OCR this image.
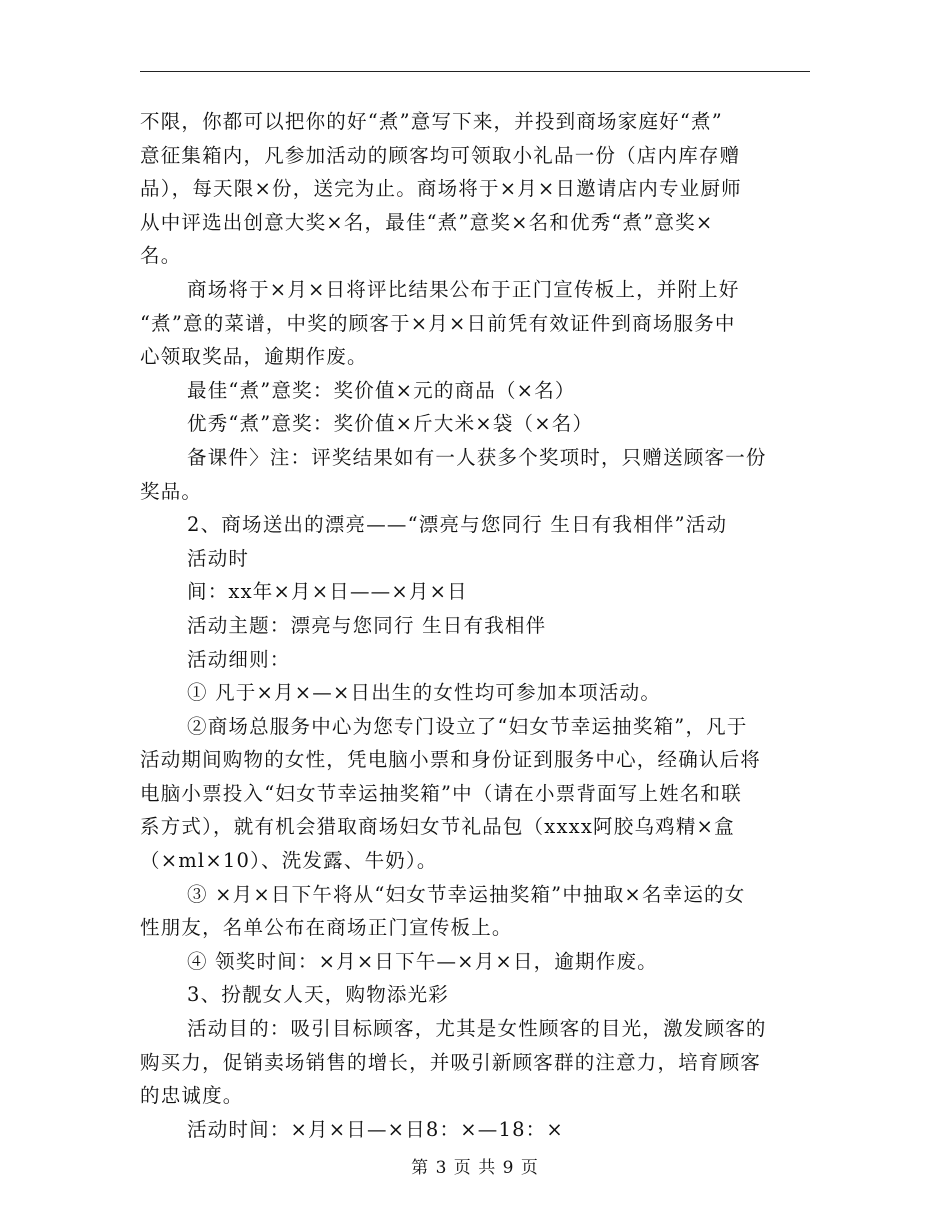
不限，你都可以把你的好“煮”意写下来，并投到商场家庭好“煮”
意征集箱内，凡参加活动的顾客均可领取小礼品一份（店内库存赠
品），每天限×份，送完为止。商场将于×月×日邀请店内专业厨师
从中评选出创意大奖×名，最佳“煮”意奖×名和优秀“煮”意奖×
名。
商场将于×月×日将评比结果公布于正门宣传板上，并附上好
“煮”意的菜谱，中奖的顾客于×月×日前凭有效证件到商场服务中
心领取奖品，逾期作废。
最佳“煮”意奖：奖价值×元的商品（×名）
优秀“煮”意奖：奖价值×斤大米×袋（×名）
备课件〉注：评奖结果如有一人获多个奖项时，只赠送顾客一份
奖品。
2、商场送出的漂亮——“漂亮与您同行 生日有我相伴”活动
活动时
间：xx年×月×日——×月×日
活动主题：漂亮与您同行 生日有我相伴
活动细则：
① 凡于×月×—×日出生的女性均可参加本项活动。
②商场总服务中心为您专门设立了“妇女节幸运抽奖箱”，凡于
活动期间购物的女性，凭电脑小票和身份证到服务中心，经确认后将
电脑小票投入“妇女节幸运抽奖箱”中（请在小票背面写上姓名和联
系方式），就有机会猎取商场妇女节礼品包（xxxx阿胶乌鸡精×盒
（×ml×10）、洗发露、牛奶）。
③ ×月×日下午将从“妇女节幸运抽奖箱”中抽取×名幸运的女
性朋友，名单公布在商场正门宣传板上。
④ 领奖时间：×月×日下午—×月×日，逾期作废。
3、扮靓女人天，购物添光彩
活动目的：吸引目标顾客，尤其是女性顾客的目光，激发顾客的
购买力，促销卖场销售的增长，并吸引新顾客群的注意力，培育顾客
的忠诚度。
活动时间：×月×日—×日8：×—18：×
第 3 页 共 9 页
